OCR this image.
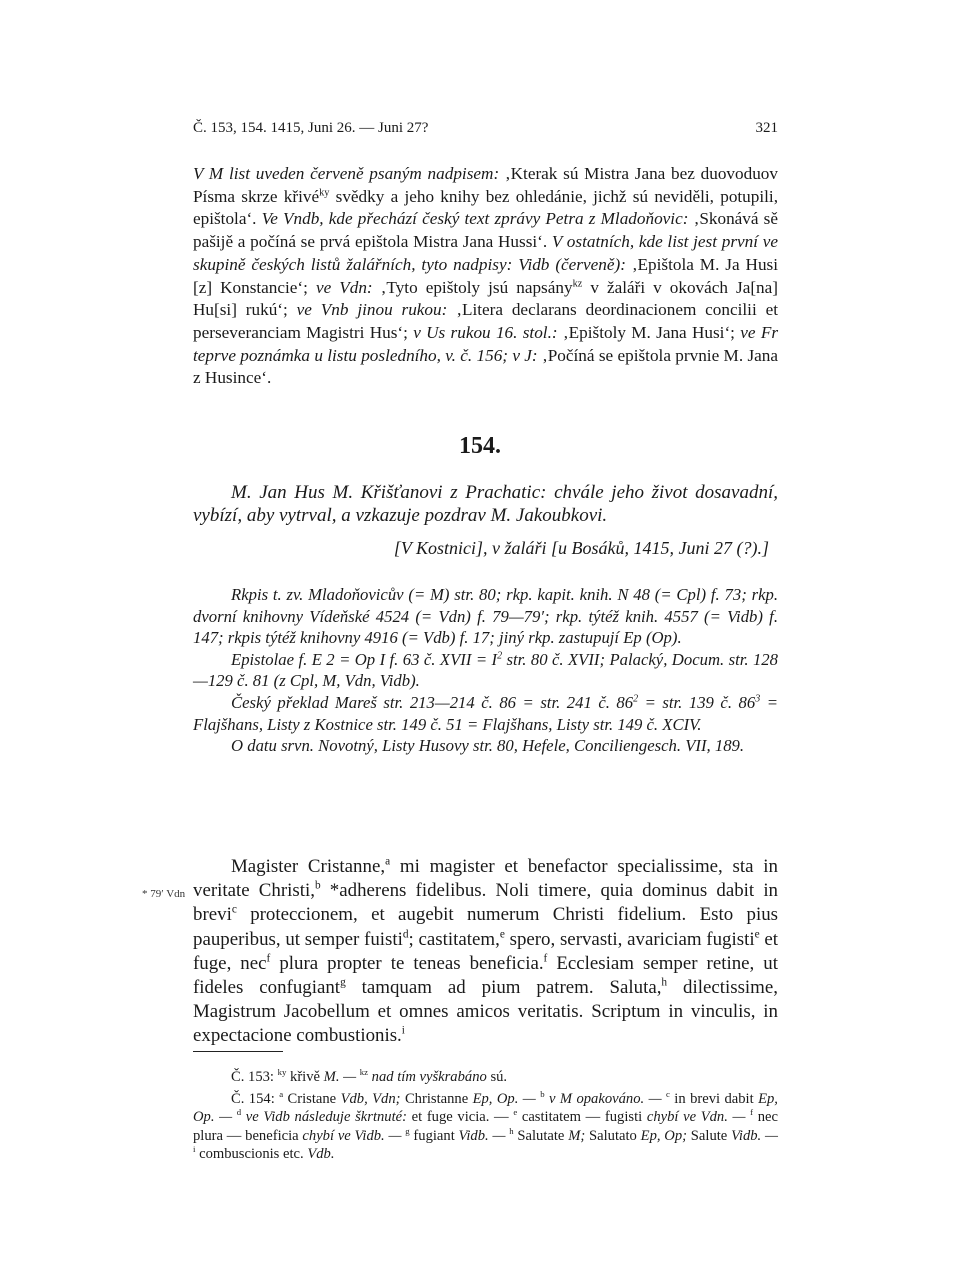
Č. 153, 154. 1415, Juni 26. — Juni 27?	321
V M list uveden červeně psaným nadpisem: ‚Kterak sú Mistra Jana bez duovoduov Písma skrze křivé$^{ky}$ svědky a jeho knihy bez ohledánie, jichž sú neviděli, potupili, epištola‘. Ve Vndb, kde přechází český text zprávy Petra z Mladoňovic: ‚Skonává sě pašijě a počíná se prvá epištola Mistra Jana Hussi‘. V ostatních, kde list jest první ve skupině českých listů žalářních, tyto nadpisy: Vidb (červeně): ‚Epištola M. Ja Husi [z] Konstancie‘; ve Vdn: ‚Tyto epištoly jsú napsány$^{kz}$ v žaláři v okovách Ja[na] Hu[si] rukú‘; ve Vnb jinou rukou: ‚Litera declarans deordinacionem concilii et perseveranciam Magistri Hus‘; v Us rukou 16. stol.: ‚Epištoly M. Jana Husi‘; ve Fr teprve poznámka u listu posledního, v. č. 156; v J: ‚Počíná se epištola prvnie M. Jana z Husince‘.
154.
M. Jan Hus M. Křišťanovi z Prachatic: chvále jeho život dosavadní, vybízí, aby vytrval, a vzkazuje pozdrav M. Jakoubkovi.
[V Kostnici], v žaláři [u Bosáků, 1415, Juni 27 (?).]

Rkpis t. zv. Mladoňovicův (= M) str. 80; rkp. kapit. knih. N 48 (= Cpl) f. 73; rkp. dvorní knihovny Vídeňské 4524 (= Vdn) f. 79—79′; rkp. týtéž knih. 4557 (= Vidb) f. 147; rkpis týtéž knihovny 4916 (= Vdb) f. 17; jiný rkp. zastupují Ep (Op).

Epistolae f. E 2 = Op I f. 63 č. XVII = $I^2$ str. 80 č. XVII; Palacký, Docum. str. 128—129 č. 81 (z Cpl, M, Vdn, Vidb).

Český překlad Mareš str. 213—214 č. 86 = str. 241 č. $86^2$ = str. 139 č. $86^3$ = Flajšhans, Listy z Kostnice str. 149 č. 51 = Flajšhans, Listy str. 149 č. XCIV.

O datu srvn. Novotný, Listy Husovy str. 80, Hefele, Conciliengesch. VII, 189.

* 79′ Vdn
Magister Cristanne,$^a$ mi magister et benefactor specialissime, sta in veritate Christi,$^b$ *adherens fidelibus. Noli timere, quia dominus dabit in brevi$^c$ proteccionem, et augebit numerum Christi fidelium. Esto pius pauperibus, ut semper fuisti$^d$; castitatem,$^e$ spero, servasti, avariciam fugisti$^e$ et fuge, nec$^f$ plura propter te teneas beneficia.$^f$ Ecclesiam semper retine, ut fideles confugiant$^g$ tamquam ad pium patrem. Saluta,$^h$ dilectissime, Magistrum Jacobellum et omnes amicos veritatis. Scriptum in vinculis, in expectacione combustionis.$^i$

Č. 153: $^{ky}$ křivě M. — $^{kz}$ nad tím vyškrabáno sú.

Č. 154: $^a$ Cristane Vdb, Vdn; Christanne Ep, Op. — $^b$ v M opakováno. — $^c$ in brevi dabit Ep, Op. — $^d$ ve Vidb následuje škrtnuté: et fuge vicia. — $^e$ castitatem — fugisti chybí ve Vdn. — $^f$ nec plura — beneficia chybí ve Vidb. — $^g$ fugiant Vidb. — $^h$ Salutate M; Salutato Ep, Op; Salute Vidb. — $^i$ combuscionis etc. Vdb.
